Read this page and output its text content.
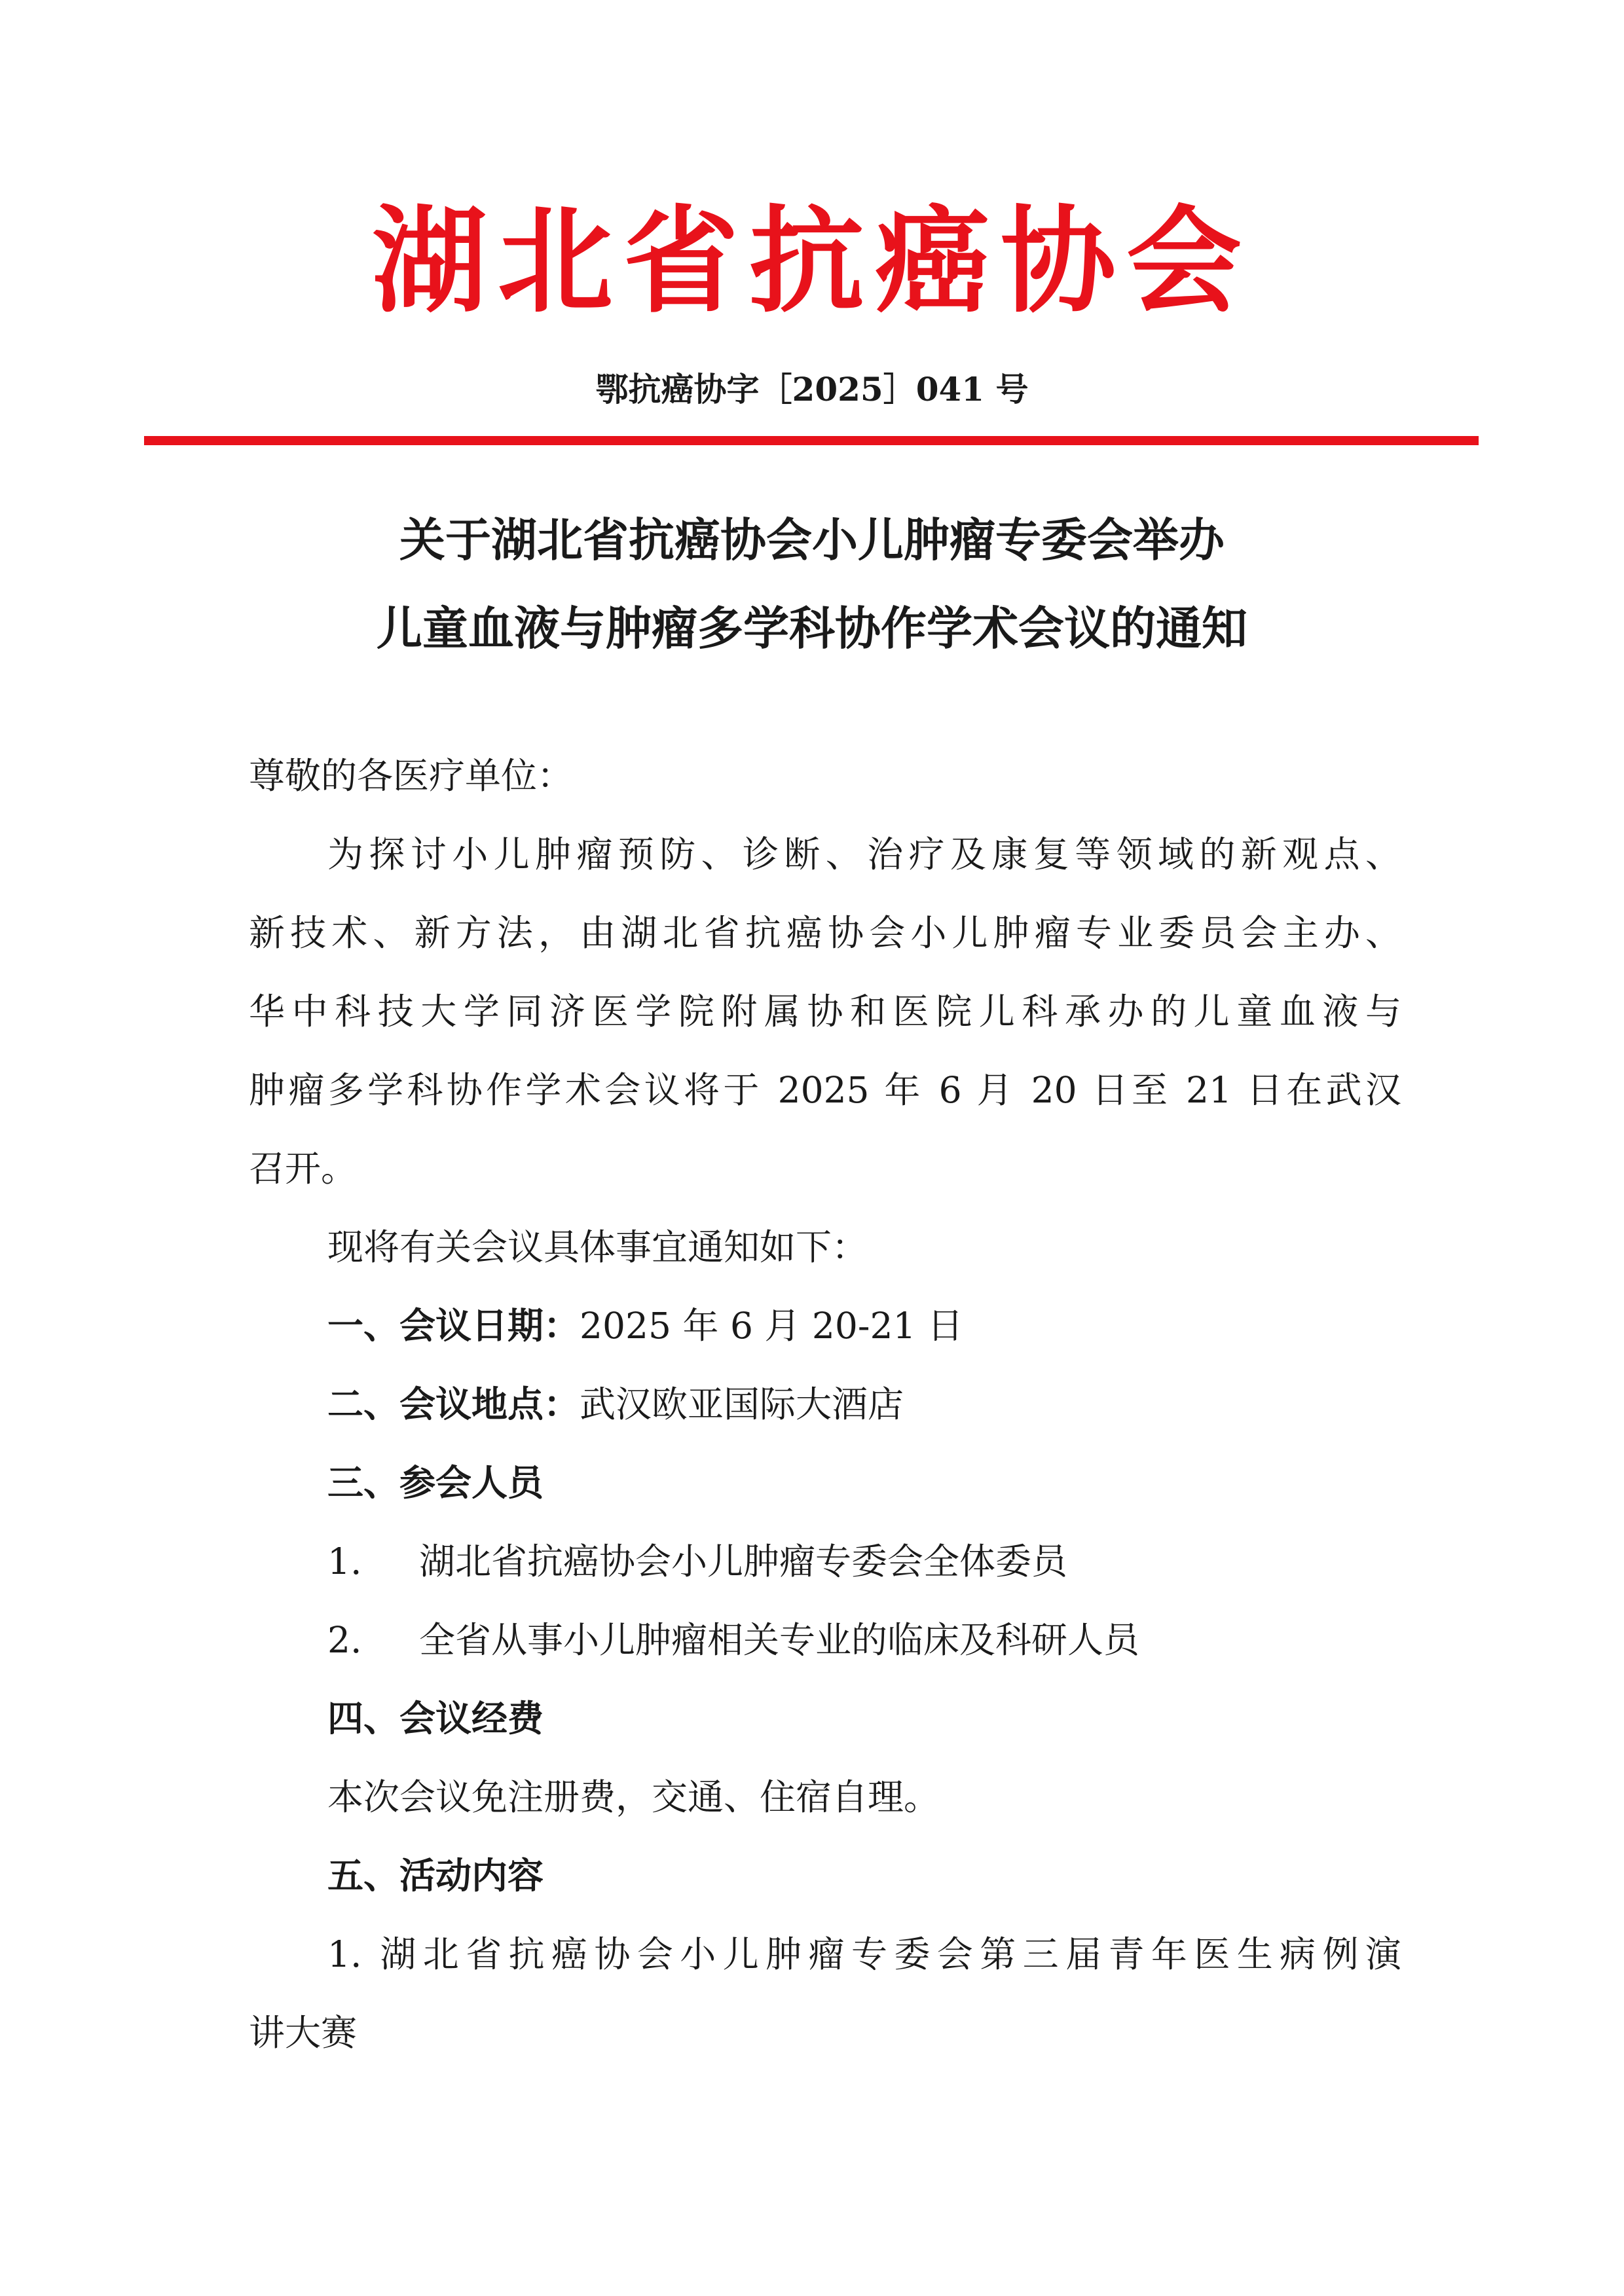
湖北省抗癌协会
鄂抗癌协字［2025］041 号
关于湖北省抗癌协会小儿肿瘤专委会举办
儿童血液与肿瘤多学科协作学术会议的通知
尊敬的各医疗单位：
为探讨小儿肿瘤预防、诊断、治疗及康复等领域的新观点、
新技术、新方法，由湖北省抗癌协会小儿肿瘤专业委员会主办、
华中科技大学同济医学院附属协和医院儿科承办的儿童血液与
肿瘤多学科协作学术会议将于 2025 年 6 月 20 日至 21 日在武汉
召开。
现将有关会议具体事宜通知如下：
一、会议日期：2025 年 6 月 20-21 日
二、会议地点：武汉欧亚国际大酒店
三、参会人员
1. 湖北省抗癌协会小儿肿瘤专委会全体委员
2. 全省从事小儿肿瘤相关专业的临床及科研人员
四、会议经费
本次会议免注册费，交通、住宿自理。
五、活动内容
1. 湖北省抗癌协会小儿肿瘤专委会第三届青年医生病例演
讲大赛
